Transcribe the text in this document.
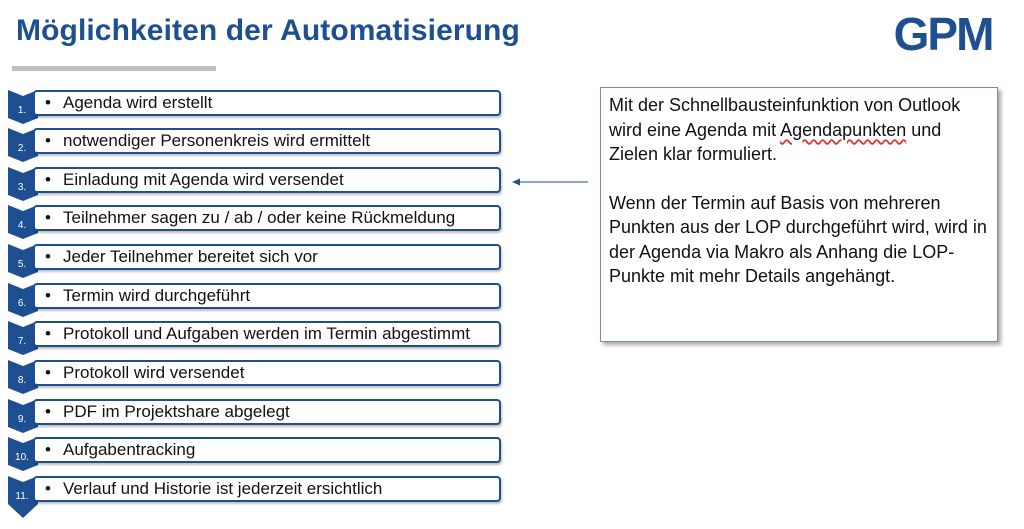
Möglichkeiten der Automatisierung	GPM
1.	• Agenda wird erstellt
2.	• notwendiger Personenkreis wird ermittelt
3.	• Einladung mit Agenda wird versendet
4.	• Teilnehmer sagen zu / ab / oder keine Rückmeldung
5.	• Jeder Teilnehmer bereitet sich vor
6.	• Termin wird durchgeführt
7.	• Protokoll und Aufgaben werden im Termin abgestimmt
8.	• Protokoll wird versendet
9.	• PDF im Projektshare abgelegt
10. • Aufgabentracking
11. • Verlauf und Historie ist jederzeit ersichtlich

Mit der Schnellbausteinfunktion von Outlook wird eine Agenda mit Agendapunkten und Zielen klar formuliert.

Wenn der Termin auf Basis von mehreren Punkten aus der LOP durchgeführt wird, wird in der Agenda via Makro als Anhang die LOP-Punkte mit mehr Details angehängt.
